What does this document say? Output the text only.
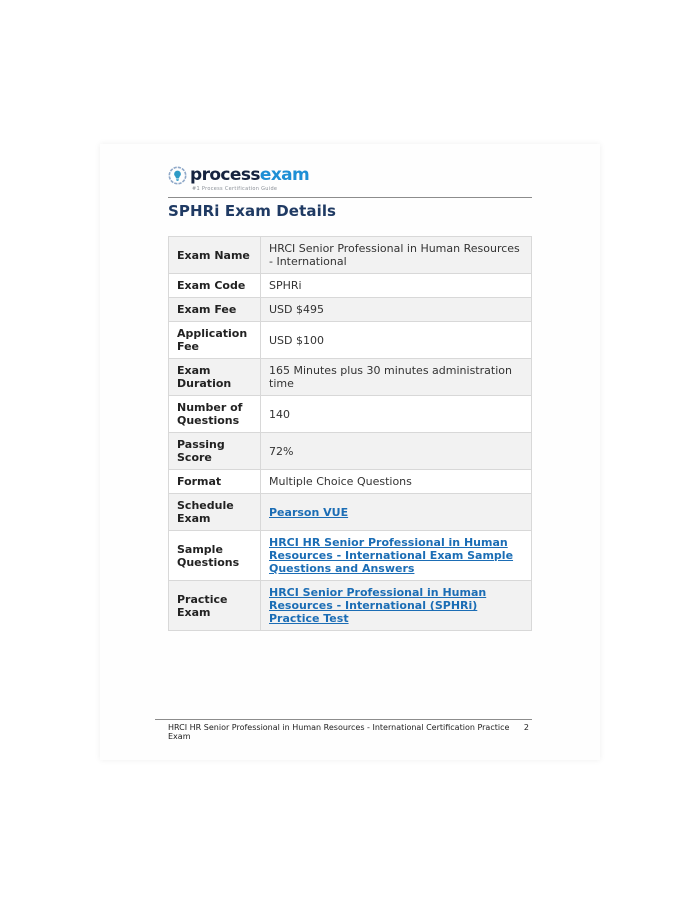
processexam
#1 Process Certification Guide
SPHRi Exam Details
Exam Name	HRCI Senior Professional in Human Resources - International
Exam Code	SPHRi
Exam Fee	USD $495
Application Fee	USD $100
Exam Duration	165 Minutes plus 30 minutes administration time
Number of Questions	140
Passing Score	72%
Format	Multiple Choice Questions
Schedule Exam	Pearson VUE
Sample Questions	HRCI HR Senior Professional in Human Resources - International Exam Sample Questions and Answers
Practice Exam	HRCI Senior Professional in Human Resources - International (SPHRi) Practice Test
HRCI HR Senior Professional in Human Resources - International Certification Practice Exam
2
